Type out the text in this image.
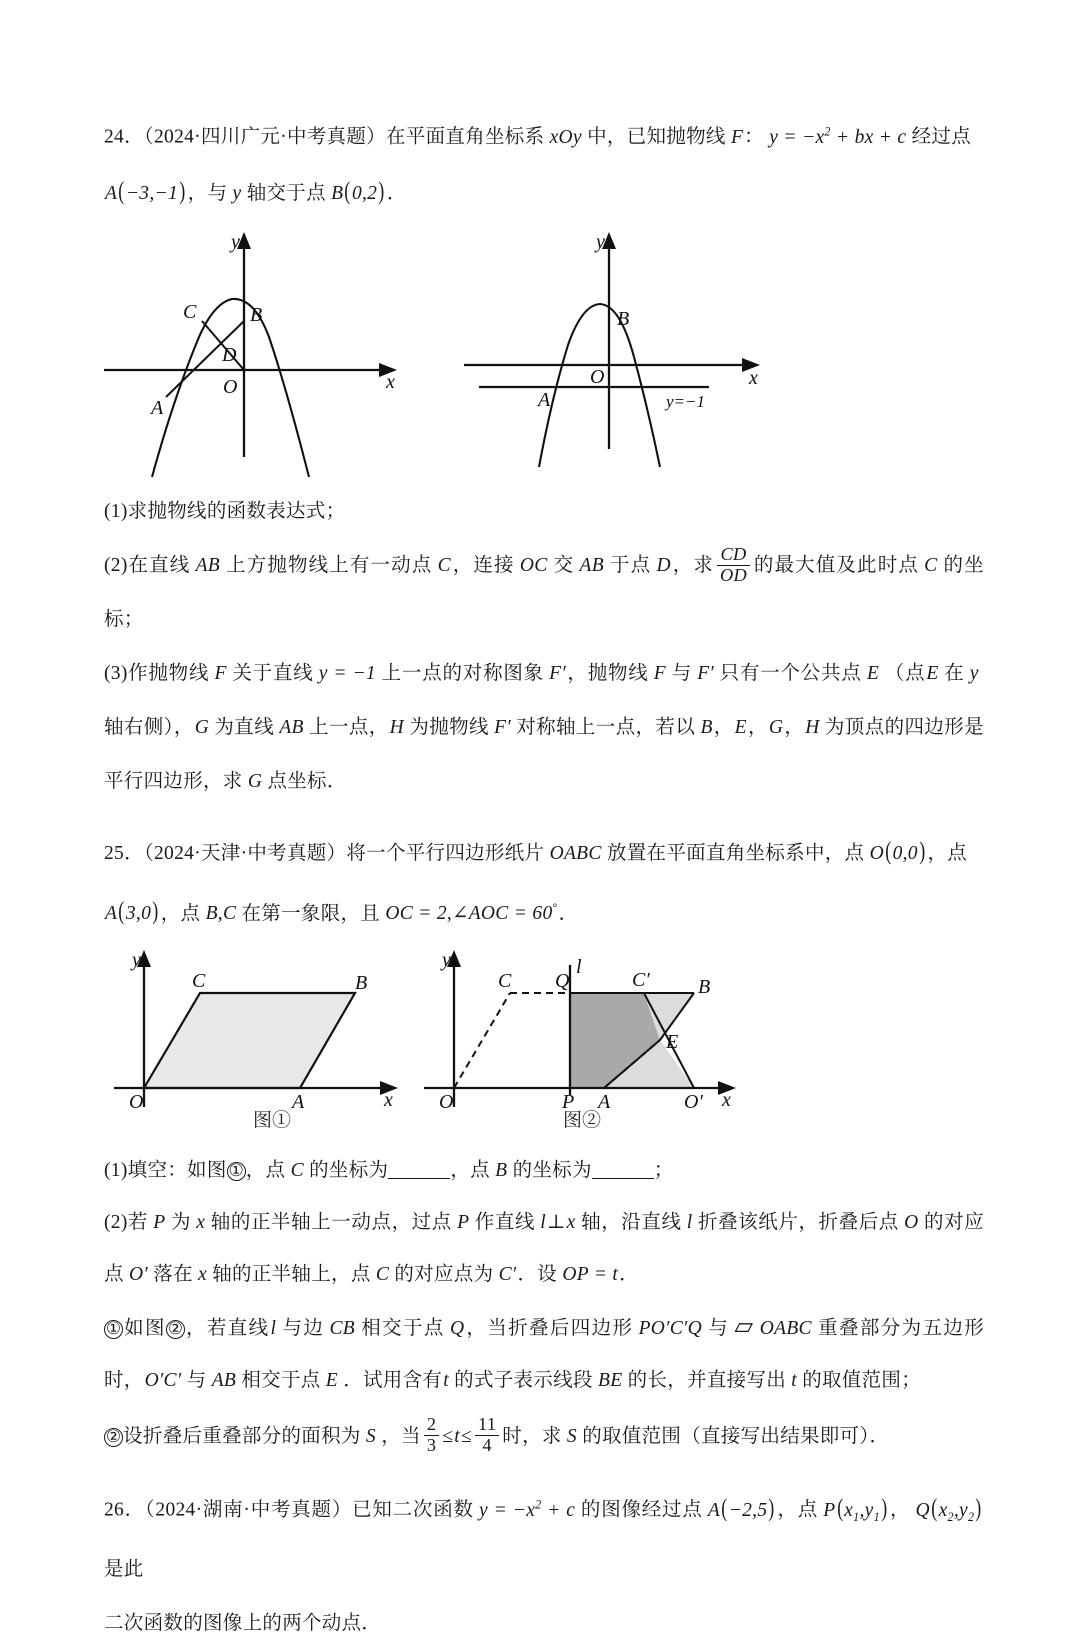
24．（2024·四川广元·中考真题）在平面直角坐标系  xOy  中，已知抛物线  F：  $y = -x^2$ + bx + c  经过点

A(−3,−1) ，与  y  轴交于点  B(0,2) ．

y
C	B
D
A
O	x
y
B
O
A
x
y=−1

(1)求抛物线的函数表达式；

(2)在直线  AB  上方抛物线上有一动点  C，连接  OC  交  AB  于点  D，求 $\frac{CD}{OD}$ 的最大值及此时点  C  的坐标；

(3)作抛物线  F  关于直线  y = −1  上一点的对称图象  F′，抛物线  F  与  F′  只有一个公共点  E  （点E  在  y 轴右侧），G  为直线  AB  上一点，H  为抛物线  F′  对称轴上一点，若以  B，E，G，H  为顶点的四边形是平行四边形，求  G  点坐标．

25．（2024·天津·中考真题）将一个平行四边形纸片  OABC  放置在平面直角坐标系中，点  O(0,0) ，点

A(3,0) ，点  B,C  在第一象限，且  OC = 2,∠AOC = 60°．

y
C	B
O	A	x
图①
y	l
C Q	C′ B
E
O	P A	O′ x
图②

(1)填空：如图 ①，点  C  的坐标为	，点  B  的坐标为	；

(2)若  P  为  x  轴的正半轴上一动点，过点  P  作直线  l⊥x  轴，沿直线  l  折叠该纸片，折叠后点  O  的对应点  O′  落在  x  轴的正半轴上，点  C  的对应点为  C′．设  OP = t．

①如图 ②，若直线l  与边  CB  相交于点  Q，当折叠后四边形  PO′C′Q  与  ▱  OABC  重叠部分为五边形时，O′C′  与  AB  相交于点  E  ．试用含有t  的式子表示线段  BE  的长，并直接写出  t  的取值范围；

②设折叠后重叠部分的面积为  S  ，当 $\frac{2}{3} \le t\le \frac{11}{4}$ 时，求  S  的取值范围（直接写出结果即可）．

26．（2024·湖南·中考真题）已知二次函数  $y = -x^2 + c$  的图像经过点  A(−2,5) ，点  $P(x_1,y_1)$ ，  $Q(x_2,y_2)$是此

二次函数的图像上的两个动点．
